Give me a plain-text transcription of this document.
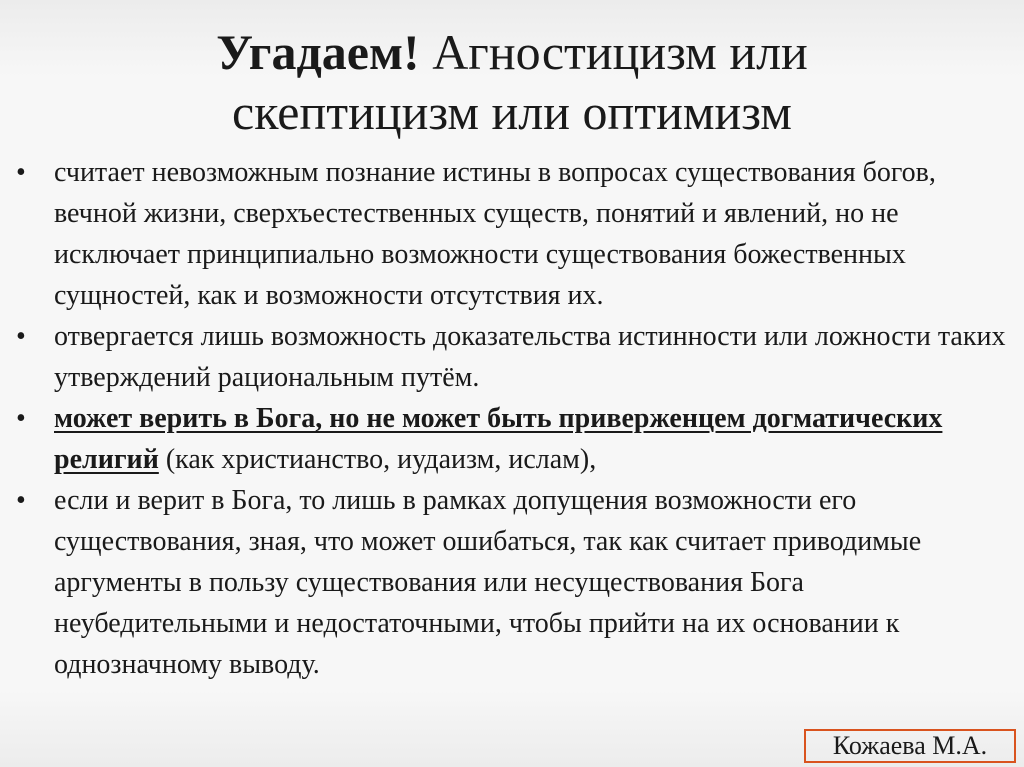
Угадаем! Агностицизм или
скептицизм или оптимизм
•	считает невозможным познание истины в вопросах существования богов, вечной жизни, сверхъестественных существ, понятий и явлений, но не исключает принципиально возможности существования божественных сущностей, как и возможности отсутствия их.
•	отвергается лишь возможность доказательства истинности или ложности таких утверждений рациональным путём.
•	может верить в Бога, но не может быть приверженцем догматических религий (как христианство, иудаизм, ислам),
•	если и верит в Бога, то лишь в рамках допущения возможности его существования, зная, что может ошибаться, так как считает приводимые аргументы в пользу существования или несуществования Бога неубедительными и недостаточными, чтобы прийти на их основании к однозначному выводу.
Кожаева М.А.
